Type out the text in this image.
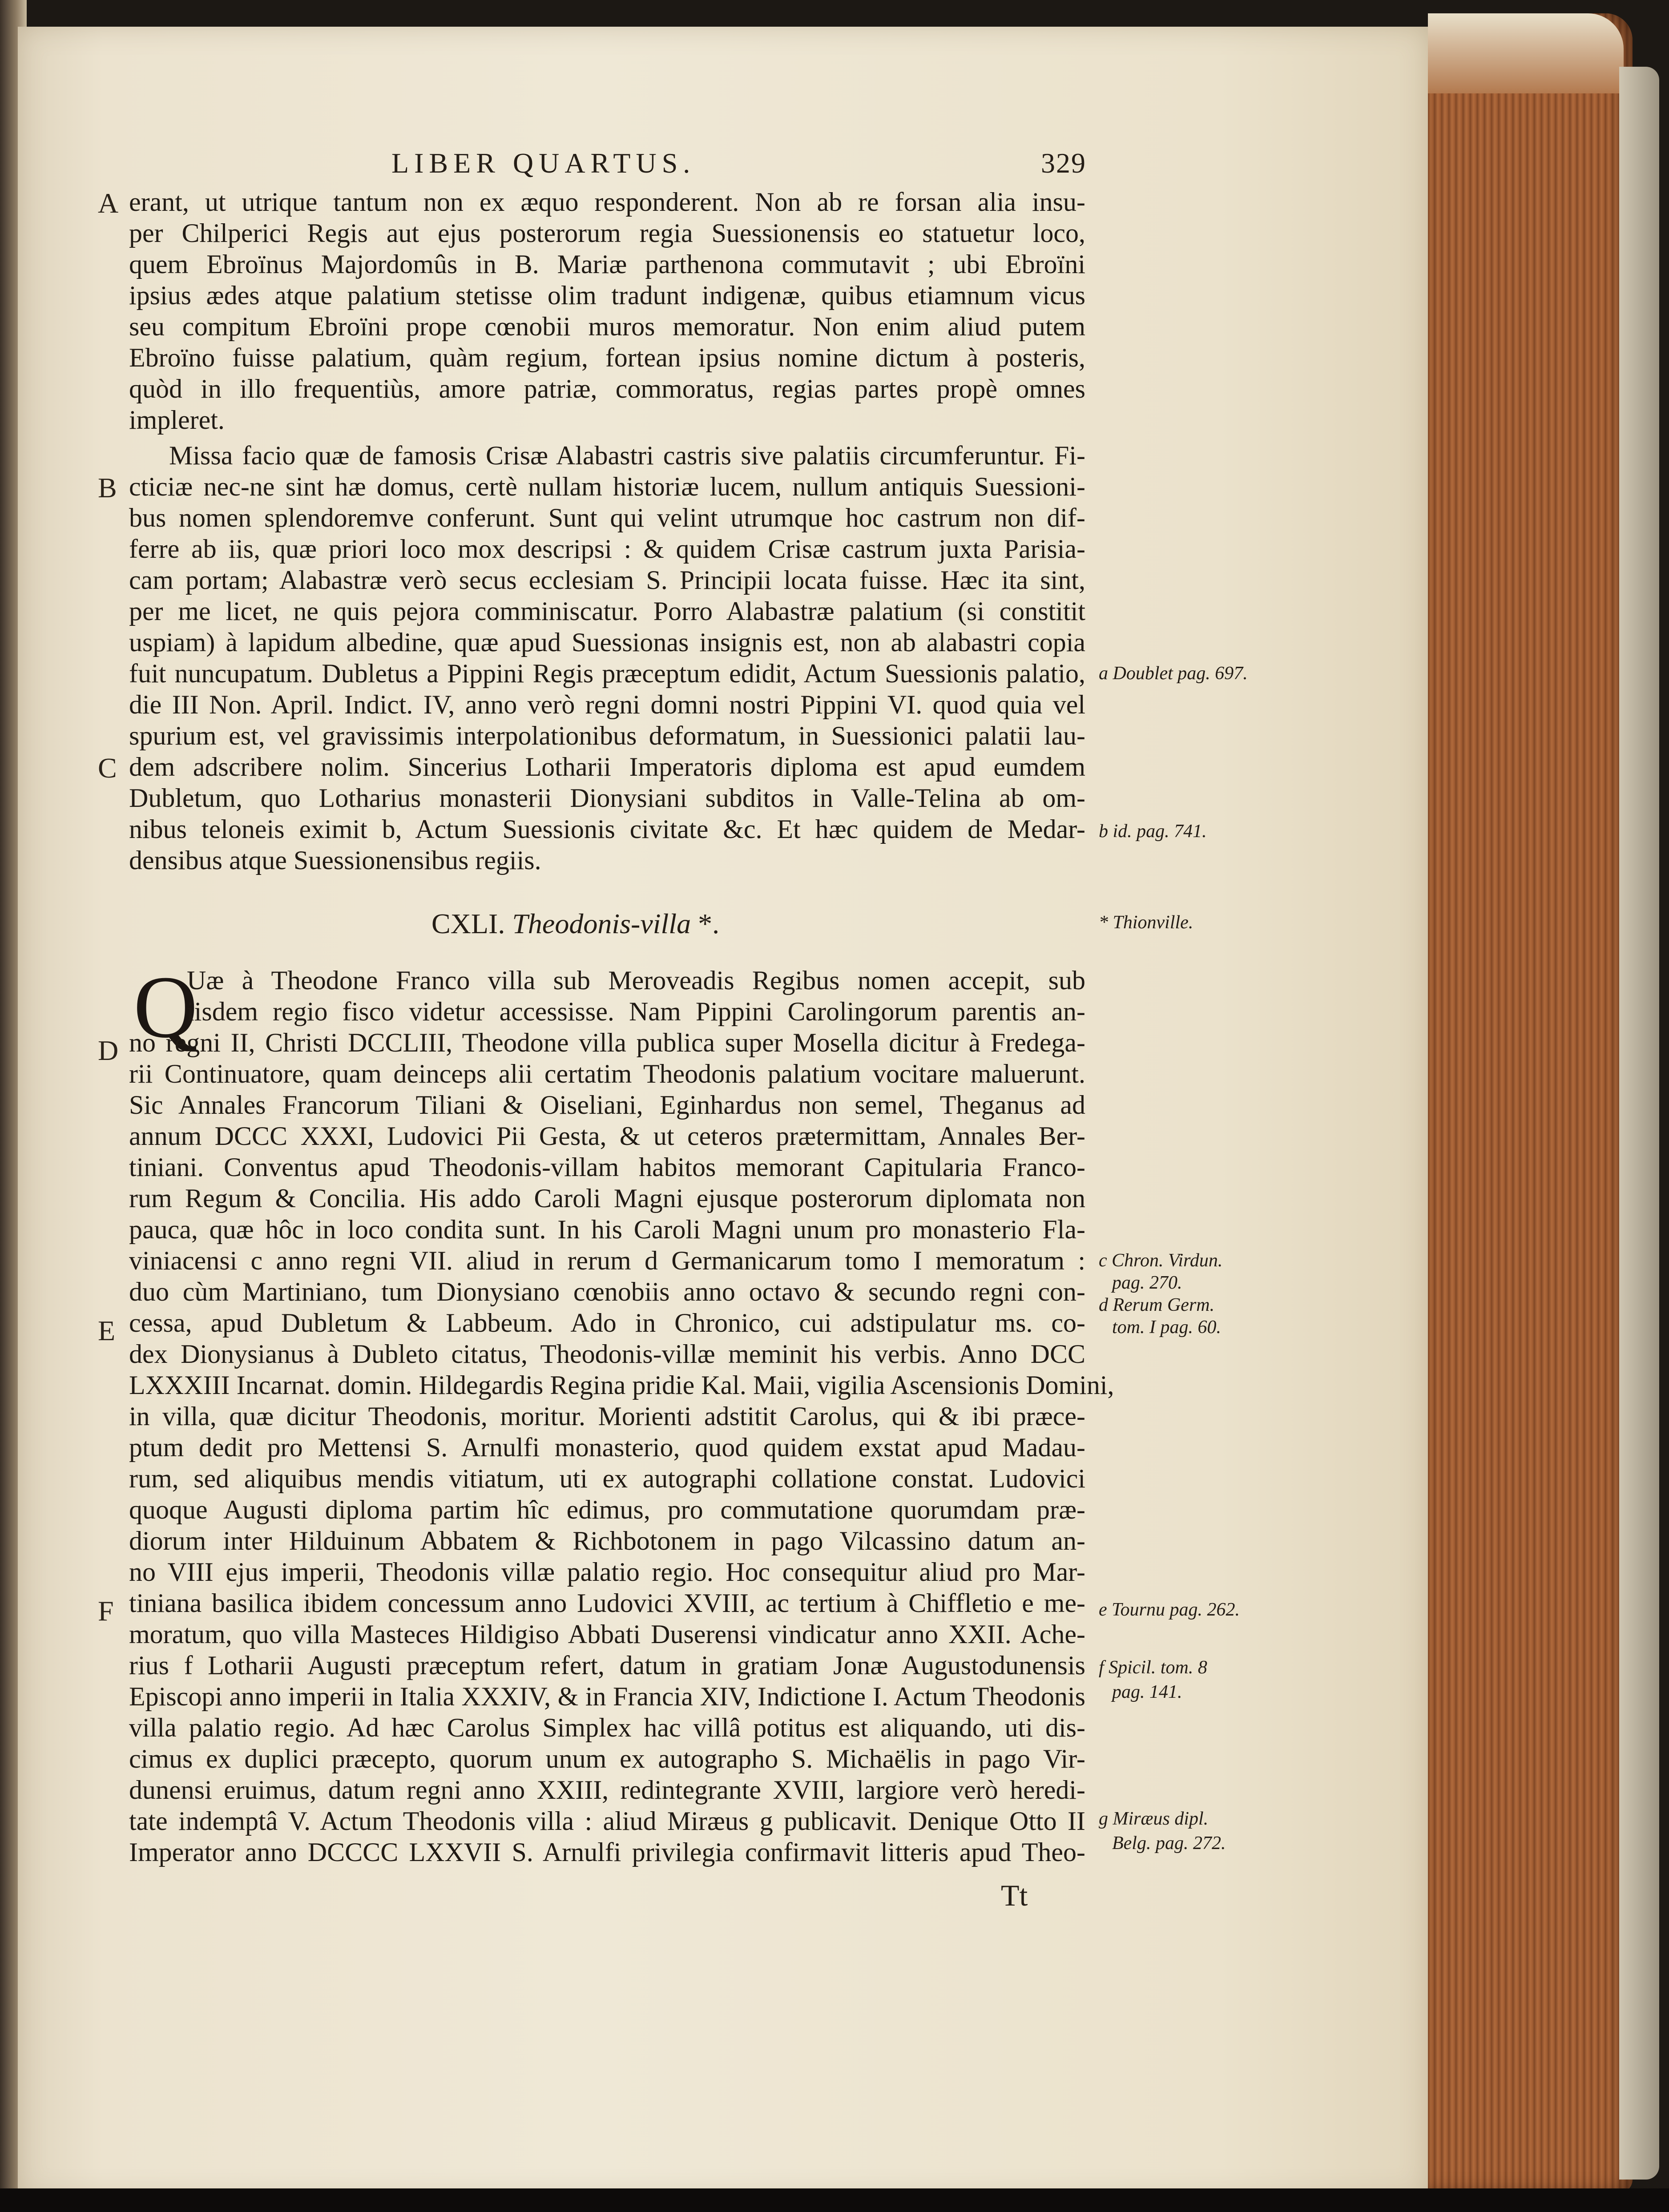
LIBER QUARTUS.	329
A
B
C
D
E
F
erant, ut utrique tantum non ex æquo responderent. Non ab re forsan alia insu-
per Chilperici Regis aut ejus posterorum regia Suessionensis eo statuetur loco,
quem Ebroïnus Majordomûs in B. Mariæ parthenona commutavit ; ubi Ebroïni
ipsius ædes atque palatium stetisse olim tradunt indigenæ, quibus etiamnum vicus
seu compitum Ebroïni prope cœnobii muros memoratur. Non enim aliud putem
Ebroïno fuisse palatium, quàm regium, fortean ipsius nomine dictum à posteris,
quòd in illo frequentiùs, amore patriæ, commoratus, regias partes propè omnes
impleret.
Missa facio quæ de famosis Crisæ Alabastri castris sive palatiis circumferuntur. Fi-
cticiæ nec-ne sint hæ domus, certè nullam historiæ lucem, nullum antiquis Suessioni-
bus nomen splendoremve conferunt. Sunt qui velint utrumque hoc castrum non dif-
ferre ab iis, quæ priori loco mox descripsi : & quidem Crisæ castrum juxta Parisia-
cam portam; Alabastræ verò secus ecclesiam S. Principii locata fuisse. Hæc ita sint,
per me licet, ne quis pejora comminiscatur. Porro Alabastræ palatium (si constitit
uspiam) à lapidum albedine, quæ apud Suessionas insignis est, non ab alabastri copia
fuit nuncupatum. Dubletus a Pippini Regis præceptum edidit, Actum Suessionis palatio,
die III Non. April. Indict. IV, anno verò regni domni nostri Pippini VI. quod quia vel
spurium est, vel gravissimis interpolationibus deformatum, in Suessionici palatii lau-
dem adscribere nolim. Sincerius Lotharii Imperatoris diploma est apud eumdem
Dubletum, quo Lotharius monasterii Dionysiani subditos in Valle-Telina ab om-
nibus teloneis eximit b, Actum Suessionis civitate &c. Et hæc quidem de Medar-
densibus atque Suessionensibus regiis.
CXLI. Theodonis-villa *.
Q
Uæ à Theodone Franco villa sub Meroveadis Regibus nomen accepit, sub
iisdem regio fisco videtur accessisse. Nam Pippini Carolingorum parentis an-
no regni II, Christi DCCLIII, Theodone villa publica super Mosella dicitur à Fredega-
rii Continuatore, quam deinceps alii certatim Theodonis palatium vocitare maluerunt.
Sic Annales Francorum Tiliani & Oiseliani, Eginhardus non semel, Theganus ad
annum DCCC XXXI, Ludovici Pii Gesta, & ut ceteros prætermittam, Annales Ber-
tiniani. Conventus apud Theodonis-villam habitos memorant Capitularia Franco-
rum Regum & Concilia. His addo Caroli Magni ejusque posterorum diplomata non
pauca, quæ hôc in loco condita sunt. In his Caroli Magni unum pro monasterio Fla-
viniacensi c anno regni VII. aliud in rerum d Germanicarum tomo I memoratum :
duo cùm Martiniano, tum Dionysiano cœnobiis anno octavo & secundo regni con-
cessa, apud Dubletum & Labbeum. Ado in Chronico, cui adstipulatur ms. co-
dex Dionysianus à Dubleto citatus, Theodonis-villæ meminit his verbis. Anno DCC
LXXXIII Incarnat. domin. Hildegardis Regina pridie Kal. Maii, vigilia Ascensionis Domini,
in villa, quæ dicitur Theodonis, moritur. Morienti adstitit Carolus, qui & ibi præce-
ptum dedit pro Mettensi S. Arnulfi monasterio, quod quidem exstat apud Madau-
rum, sed aliquibus mendis vitiatum, uti ex autographi collatione constat. Ludovici
quoque Augusti diploma partim hîc edimus, pro commutatione quorumdam præ-
diorum inter Hilduinum Abbatem & Richbotonem in pago Vilcassino datum an-
no VIII ejus imperii, Theodonis villæ palatio regio. Hoc consequitur aliud pro Mar-
tiniana basilica ibidem concessum anno Ludovici XVIII, ac tertium à Chiffletio e me-
moratum, quo villa Masteces Hildigiso Abbati Duserensi vindicatur anno XXII. Ache-
rius f Lotharii Augusti præceptum refert, datum in gratiam Jonæ Augustodunensis
Episcopi anno imperii in Italia XXXIV, & in Francia XIV, Indictione I. Actum Theodonis
villa palatio regio. Ad hæc Carolus Simplex hac villâ potitus est aliquando, uti dis-
cimus ex duplici præcepto, quorum unum ex autographo S. Michaëlis in pago Vir-
dunensi eruimus, datum regni anno XXIII, redintegrante XVIII, largiore verò heredi-
tate indemptâ V. Actum Theodonis villa : aliud Miræus g publicavit. Denique Otto II
Imperator anno DCCCC LXXVII S. Arnulfi privilegia confirmavit litteris apud Theo-
a Doublet pag. 697.
b id. pag. 741.
* Thionville.
c Chron. Virdun.
pag. 270.
d Rerum Germ.
tom. I pag. 60.
e Tournu pag. 262.
f Spicil. tom. 8
pag. 141.
g Miræus dipl.
Belg. pag. 272.
Tt
